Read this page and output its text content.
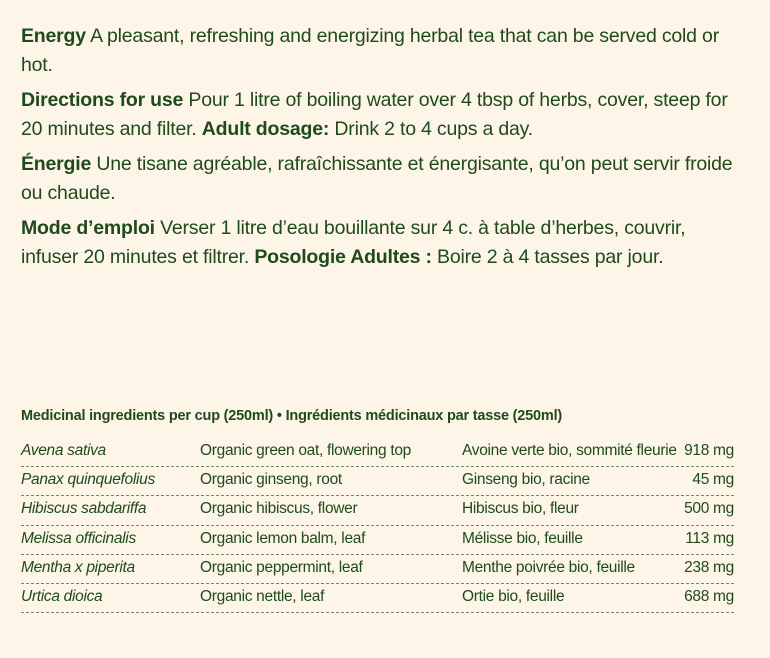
Energy A pleasant, refreshing and energizing herbal tea that can be served cold or hot.

Directions for use Pour 1 litre of boiling water over 4 tbsp of herbs, cover, steep for 20 minutes and filter. Adult dosage: Drink 2 to 4 cups a day.

Énergie Une tisane agréable, rafraîchissante et énergisante, qu’on peut servir froide ou chaude.

Mode d’emploi Verser 1 litre d’eau bouillante sur 4 c. à table d’herbes, couvrir, infuser 20 minutes et filtrer. Posologie Adultes : Boire 2 à 4 tasses par jour.

Medicinal ingredients per cup (250ml) • Ingrédients médicinaux par tasse (250ml)
Avena sativa	Organic green oat, flowering top	Avoine verte bio, sommité fleurie 918 mg
Panax quinquefolius	Organic ginseng, root	Ginseng bio, racine	45 mg
Hibiscus sabdariffa	Organic hibiscus, flower	Hibiscus bio, fleur	500 mg
Melissa officinalis	Organic lemon balm, leaf	Mélisse bio, feuille	113 mg
Mentha x piperita	Organic peppermint, leaf	Menthe poivrée bio, feuille	238 mg
Urtica dioica	Organic nettle, leaf	Ortie bio, feuille	688 mg
